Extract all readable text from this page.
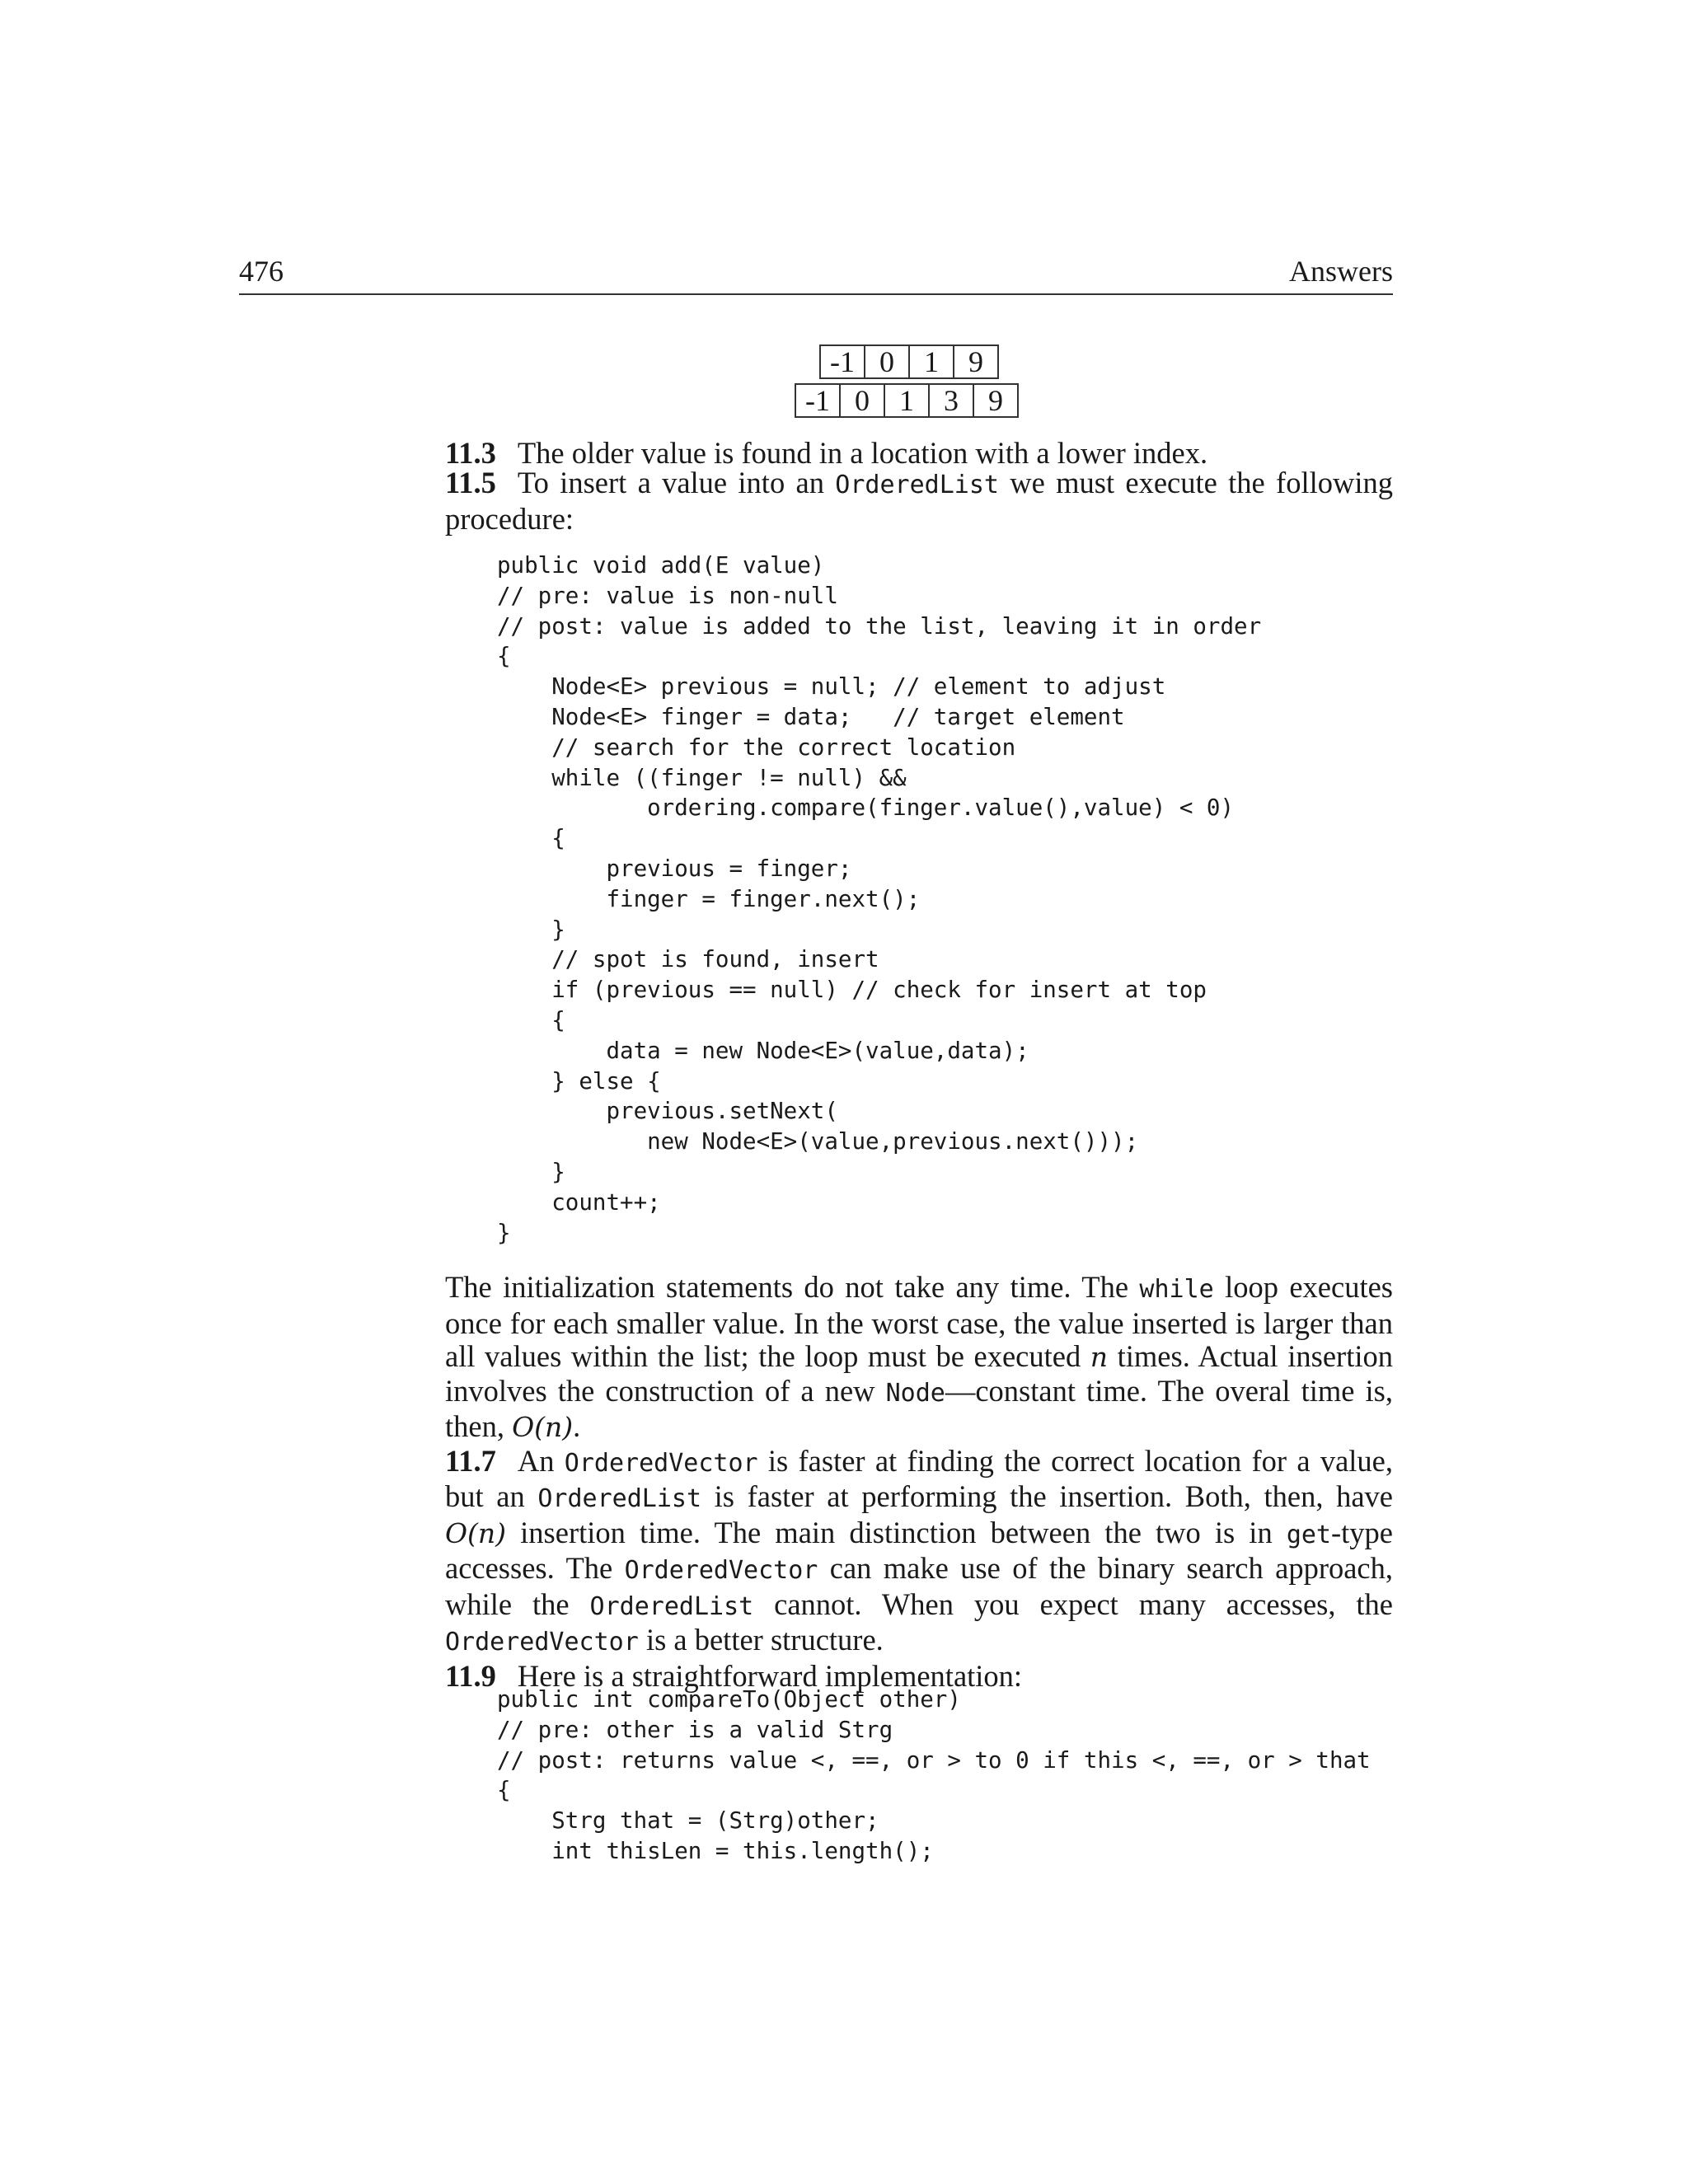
476	Answers
-1 0	1	9
-1 0	1	3	9
11.3 The older value is found in a location with a lower index.
11.5 To insert a value into an OrderedList we must execute the following procedure:
public void add(E value)
// pre: value is non-null
// post: value is added to the list, leaving it in order
{
Node<E> previous = null; // element to adjust
Node<E> finger = data;   // target element
// search for the correct location
while ((finger != null) &&
ordering.compare(finger.value(),value) < 0)
{
previous = finger;
finger = finger.next();
}
// spot is found, insert
if (previous == null) // check for insert at top
{
data = new Node<E>(value,data);
} else {
previous.setNext(
new Node<E>(value,previous.next()));
}
count++;
}
The initialization statements do not take any time. The while loop executes once for each smaller value. In the worst case, the value inserted is larger than all values within the list; the loop must be executed n times. Actual insertion involves the construction of a new Node—constant time. The overal time is, then, O(n).
11.7 An OrderedVector is faster at finding the correct location for a value, but an OrderedList is faster at performing the insertion. Both, then, have O(n) insertion time. The main distinction between the two is in get-type accesses. The OrderedVector can make use of the binary search approach, while the OrderedList cannot. When you expect many accesses, the OrderedVector is a better structure.
11.9 Here is a straightforward implementation:
public int compareTo(Object other)
// pre: other is a valid Strg
// post: returns value <, ==, or > to 0 if this <, ==, or > that
{
Strg that = (Strg)other;
int thisLen = this.length();
